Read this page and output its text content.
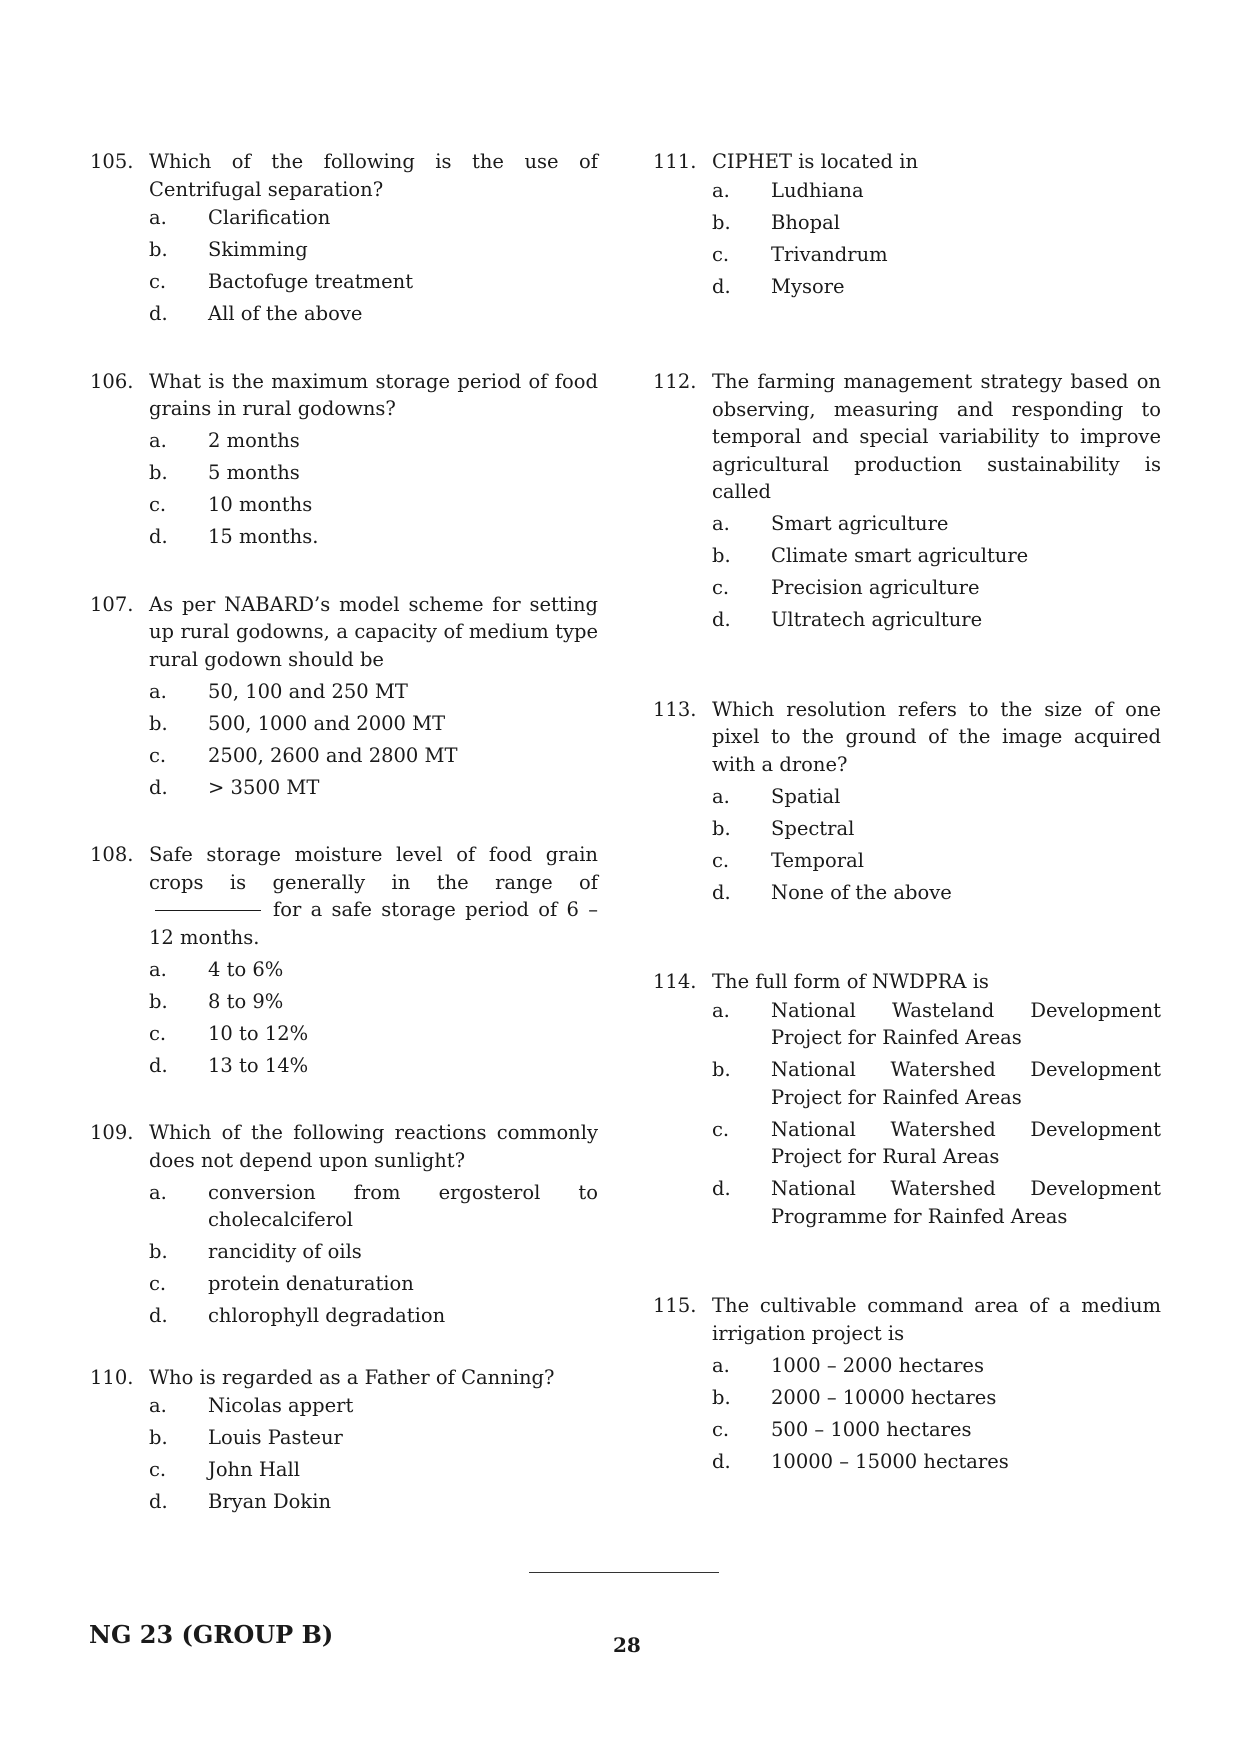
105. Which of the following is the use of Centrifugal separation?
a. Clarification
b. Skimming
c. Bactofuge treatment
d. All of the above
106. What is the maximum storage period of food grains in rural godowns?
a. 2 months
b. 5 months
c. 10 months
d. 15 months.
107. As per NABARD’s model scheme for setting up rural godowns, a capacity of medium type rural godown should be
a. 50, 100 and 250 MT
b. 500, 1000 and 2000 MT
c. 2500, 2600 and 2800 MT
d. > 3500 MT
108. Safe storage moisture level of food grain crops is generally in the range offor a safe storage period of 6 – 12 months.
a. 4 to 6%
b. 8 to 9%
c. 10 to 12%
d. 13 to 14%
109. Which of the following reactions commonly does not depend upon sunlight?
a. conversion from ergosterol to cholecalciferol
b. rancidity of oils
c. protein denaturation
d. chlorophyll degradation
110. Who is regarded as a Father of Canning?
a. Nicolas appert
b. Louis Pasteur
c. John Hall
d. Bryan Dokin
111. CIPHET is located in
a. Ludhiana
b. Bhopal
c. Trivandrum
d. Mysore
112. The farming management strategy based on observing, measuring and responding to temporal and special variability to improve agricultural production sustainability is called
a. Smart agriculture
b. Climate smart agriculture
c. Precision agriculture
d. Ultratech agriculture
113. Which resolution refers to the size of one pixel to the ground of the image acquired with a drone?
a. Spatial
b. Spectral
c. Temporal
d. None of the above
114. The full form of NWDPRA is
a. National Wasteland Development Project for Rainfed Areas
b. National Watershed Development Project for Rainfed Areas
c. National Watershed Development Project for Rural Areas
d. National Watershed Development Programme for Rainfed Areas
115. The cultivable command area of a medium irrigation project is
a. 1000 – 2000 hectares
b. 2000 – 10000 hectares
c. 500 – 1000 hectares
d. 10000 – 15000 hectares
NG 23 (GROUP B)	28
